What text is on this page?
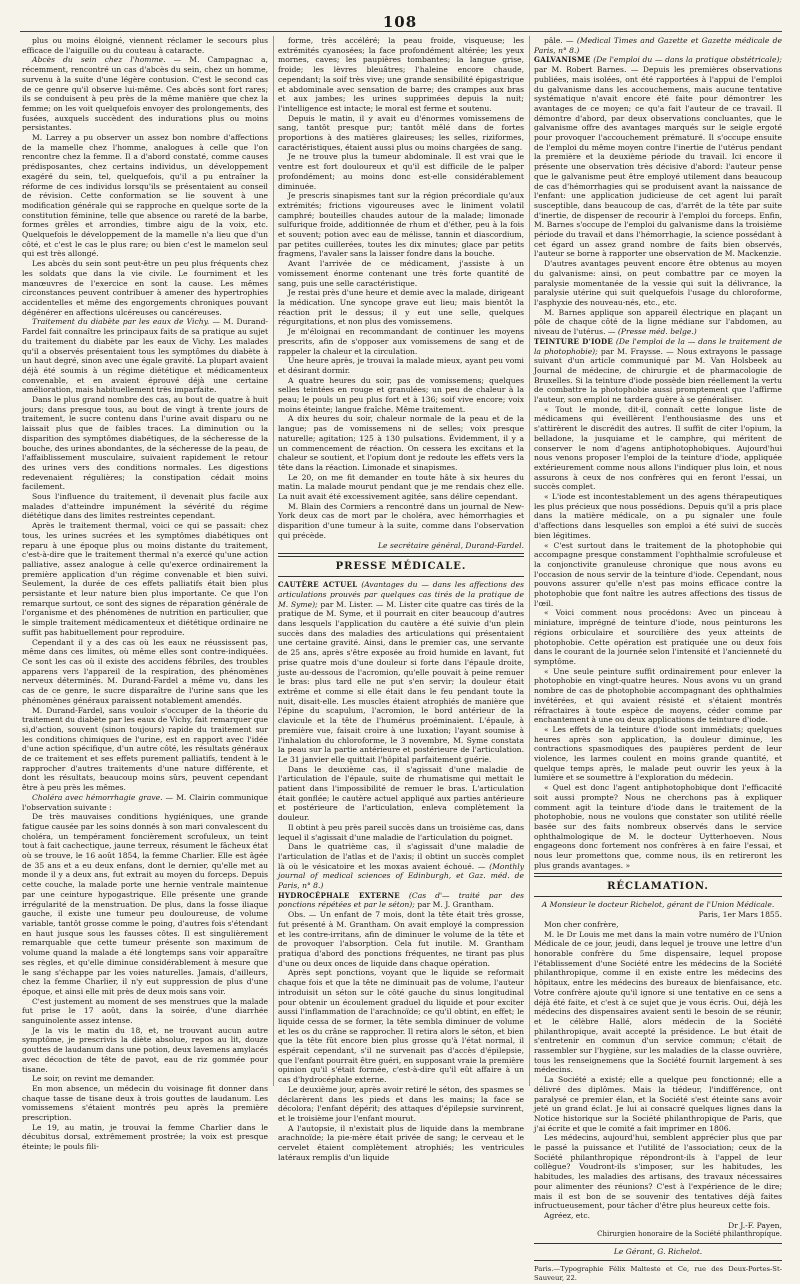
108

plus ou moins éloigné, viennent réclamer le secours plus efficace de l'aiguille ou du couteau à cataracte.

Abcès du sein chez l'homme. — M. Campagnac a, récemment, rencontré un cas d'abcès du sein, chez un homme, survenu à la suite d'une légère contusion. C'est le second cas de ce genre qu'il observe lui-même. Ces abcès sont fort rares; ils se conduisent à peu près de la même manière que chez la femme; on les voit quelquefois envoyer des prolongements, des fusées, auxquels succèdent des indurations plus ou moins persistantes.

M. Larrey a pu observer un assez bon nombre d'affections de la mamelle chez l'homme, analogues à celle que l'on rencontre chez la femme. Il a d'abord constaté, comme causes prédisposantes, chez certains individus, un développement exagéré du sein, tel, quelquefois, qu'il a pu entraîner la réforme de ces individus lorsqu'ils se présentaient au conseil de révision. Cette conformation se lie souvent à une modification générale qui se rapproche en quelque sorte de la constitution féminine, telle que absence ou rareté de la barbe, formes grêles et arrondies, timbre aigu de la voix, etc. Quelquefois le développement de la mamelle n'a lieu que d'un côté, et c'est le cas le plus rare; ou bien c'est le mamelon seul qui est très allongé.

Les abcès du sein sont peut-être un peu plus fréquents chez les soldats que dans la vie civile. Le fourniment et les manœuvres de l'exercice en sont la cause. Les mêmes circonstances peuvent contribuer à amener des hypertrophies accidentelles et même des engorgements chroniques pouvant dégénérer en affections ulcéreuses ou cancéreuses.

Traitement du diabète par les eaux de Vichy. — M. Durand-Fardel fait connaître les principaux faits de sa pratique au sujet du traitement du diabète par les eaux de Vichy. Les malades qu'il a observés présentaient tous les symptômes du diabète à un haut degré, sinon avec une égale gravité. La plupart avaient déjà été soumis à un régime diététique et médicamenteux convenable, et en avaient éprouvé déjà une certaine amélioration, mais habituellement très imparfaite.

Dans le plus grand nombre des cas, au bout de quatre à huit jours; dans presque tous, au bout de vingt à trente jours de traitement, le sucre contenu dans l'urine avait disparu ou ne laissait plus que de faibles traces. La diminution ou la disparition des symptômes diabétiques, de la sécheresse de la bouche, des urines abondantes, de la sécheresse de la peau, de l'affaiblissement musculaire, suivaient rapidement le retour des urines vers des conditions normales. Les digestions redevenaient régulières; la constipation cédait moins facilement.

Sous l'influence du traitement, il devenait plus facile aux malades d'atteindre impunément la sévérité du régime diététique dans des limites restreintes cependant.

Après le traitement thermal, voici ce qui se passait: chez tous, les urines sucrées et les symptômes diabétiques ont reparu à une époque plus ou moins distante du traitement, c'est-à-dire que le traitement thermal n'a exercé qu'une action palliative, assez analogue à celle qu'exerce ordinairement la première application d'un régime convenable et bien suivi. Seulement, la durée de ces effets palliatifs était bien plus persistante et leur nature bien plus importante. Ce que l'on remarque surtout, ce sont des signes de réparation générale de l'organisme et des phénomènes de nutrition en particulier, que le simple traitement médicamenteux et diététique ordinaire ne suffit pas habituellement pour reproduire.

Cependant il y a des cas où les eaux ne réussissent pas, même dans ces limites, où même elles sont contre-indiquées. Ce sont les cas où il existe des accidens fébriles, des troubles apparens vers l'appareil de la respiration, des phénomènes nerveux déterminés. M. Durand-Fardel a même vu, dans les cas de ce genre, le sucre disparaître de l'urine sans que les phénomènes généraux paraissent notablement amendés.

M. Durand-Fardel, sans vouloir s'occuper de la théorie du traitement du diabète par les eaux de Vichy, fait remarquer que si,d'action, souvent (sinon toujours) rapide du traitement sur les conditions chimiques de l'urine, est en rapport avec l'idée d'une action spécifique, d'un autre côté, les résultats généraux de ce traitement et ses effets purement palliatifs, tendent à le rapprocher d'autres traitements d'une nature différente, et dont les résultats, beaucoup moins sûrs, peuvent cependant être à peu près les mêmes.

Choléra avec hémorrhagie grave. — M. Clairin communique l'observation suivante :

De très mauvaises conditions hygiéniques, une grande fatigue causée par les soins donnés à son mari convalescent du choléra, un tempérament foncièrement scrofuleux, un teint tout à fait cachectique, jaune terreux, résument le fâcheux état où se trouve, le 16 août 1854, la femme Charlier. Elle est âgée de 35 ans et a eu deux enfans, dont le dernier, qu'elle met au monde il y a deux ans, fut extrait au moyen du forceps. Depuis cette couche, la malade porte une hernie ventrale maintenue par une ceinture hypogastrique. Elle présente une grande irrégularité de la menstruation. De plus, dans la fosse iliaque gauche, il existe une tumeur peu douloureuse, de volume variable, tantôt grosse comme le poing, d'autres fois s'étendant en haut jusque sous les fausses côtes. Il est singulièrement remarquable que cette tumeur présente son maximum de volume quand la malade a été longtemps sans voir apparaître ses règles, et qu'elle diminue considérablement à mesure que le sang s'échappe par les voies naturelles. Jamais, d'ailleurs, chez la femme Charlier, il n'y eut suppression de plus d'une époque, et ainsi elle mit près de deux mois sans voir.

C'est justement au moment de ses menstrues que la malade fut prise le 17 août, dans la soirée, d'une diarrhée sanguinolente assez intense.

Je la vis le matin du 18, et, ne trouvant aucun autre symptôme, je prescrivis la diète absolue, repos au lit, douze gouttes de laudanum dans une potion, deux lavemens amylacés avec décoction de tête de pavot, eau de riz gommée pour tisane.

Le soir, on revint me demander.

En mon absence, un médecin du voisinage fit donner dans chaque tasse de tisane deux à trois gouttes de laudanum. Les vomissemens s'étaient montrés peu après la première prescription.

Le 19, au matin, je trouvai la femme Charlier dans le décubitus dorsal, extrêmement prostrée; la voix est presque éteinte; le pouls fili-

forme, très accéléré; la peau froide, visqueuse; les extrémités cyanosées; la face profondément altérée; les yeux mornes, caves; les paupières tombantes; la langue grise, froide; les lèvres bleuâtres; l'haleine encore chaude, cependant; la soif très vive; une grande sensibilité épigastrique et abdominale avec sensation de barre; des crampes aux bras et aux jambes; les urines supprimées depuis la nuit; l'intelligence est intacte; le moral est ferme et soutenu.

Depuis le matin, il y avait eu d'énormes vomissemens de sang, tantôt presque pur; tantôt mêlé dans de fortes proportions à des matières glaireuses; les selles, riziformes, caractéristiques, étaient aussi plus ou moins chargées de sang.

Je ne trouve plus la tumeur abdominale. Il est vrai que le ventre est fort douloureux et qu'il est difficile de le palper profondément; au moins donc est-elle considérablement diminuée.

Je prescris sinapismes tant sur la région précordiale qu'aux extrémités; frictions vigoureuses avec le liniment volatil camphré; bouteilles chaudes autour de la malade; limonade sulfurique froide, additionnée de rhum et d'éther, peu à la fois et souvent; potion avec eau de mélisse, tannin et diascordium, par petites cuillerées, toutes les dix minutes; glace par petits fragmens, l'avaler sans la laisser fondre dans la bouche.

Avant l'arrivée de ce médicament, j'assiste à un vomissement énorme contenant une très forte quantité de sang, puis une selle caractéristique.

Je restai près d'une heure et demie avec la malade, dirigeant la médication. Une syncope grave eut lieu; mais bientôt la réaction prit le dessus; il y eut une selle, quelques régurgitations, et non plus des vomissemens.

Je m'éloignai en recommandant de continuer les moyens prescrits, afin de s'opposer aux vomissemens de sang et de rappeler la chaleur et la circulation.

Une heure après, je trouvai la malade mieux, ayant peu vomi et désirant dormir.

A quatre heures du soir, pas de vomissemens; quelques selles teintées en rouge et granulées; un peu de chaleur à la peau; le pouls un peu plus fort et à 136; soif vive encore; voix moins éteinte; langue fraîche. Même traitement.

A dix heures du soir, chaleur normale de la peau et de la langue; pas de vomissemens ni de selles; voix presque naturelle; agitation; 125 à 130 pulsations. Évidemment, il y a un commencement de réaction. On cessera les excitans et la chaleur se soutient, et l'opium dont je redoute les effets vers la tête dans la réaction. Limonade et sinapismes.

Le 20, on me fit demander en toute hâte à six heures du matin. La malade mourut pendant que je me rendais chez elle. La nuit avait été excessivement agitée, sans délire cependant.

M. Blain des Cormiers a rencontré dans un journal de New-York deux cas de mort par le choléra, avec hémorrhagies et disparition d'une tumeur à la suite, comme dans l'observation qui précède.

Le secrétaire général, Durand-Fardel.

PRESSE MÉDICALE.

CAUTÈRE ACTUEL (Avantages du — dans les affections des articulations prouvés par quelques cas tirés de la pratique de M. Syme); par M. Lister. — M. Lister cite quatre cas tirés de la pratique de M. Syme, et il pourrait en citer beaucoup d'autres dans lesquels l'application du cautère a été suivie d'un plein succès dans des maladies des articulations qui présentaient une certaine gravité. Ainsi, dans le premier cas, une servante de 25 ans, après s'être exposée au froid humide en lavant, fut prise quatre mois d'une douleur si forte dans l'épaule droite, juste au-dessous de l'acromion, qu'elle pouvait à peine remuer le bras: plus tard elle ne put s'en servir; la douleur était extrême et comme si elle était dans le feu pendant toute la nuit, disait-elle. Les muscles étaient atrophiés de manière que l'épine du scapulum, l'acromion, le bord antérieur de la clavicule et la tête de l'humérus proéminaient. L'épaule, à première vue, faisait croire à une luxation; l'ayant soumise à l'inhalation du chloroforme, le 3 novembre, M. Syme constata la peau sur la partie antérieure et postérieure de l'articulation. Le 31 janvier elle quittait l'hôpital parfaitement guérie.

Dans le deuxième cas, il s'agissait d'une maladie de l'articulation de l'épaule, suite de rhumatisme qui mettait le patient dans l'impossibilité de remuer le bras. L'articulation était gonflée; le cautère actuel appliqué aux parties antérieure et postérieure de l'articulation, enleva complètement la douleur.

Il obtint à peu près pareil succès dans un troisième cas, dans lequel il s'agissait d'une maladie de l'articulation du poignet.

Dans le quatrième cas, il s'agissait d'une maladie de l'articulation de l'atlas et de l'axis; il obtint un succès complet là où le vésicatoire et les moxas avaient échoué. — (Monthly journal of medical sciences of Edinburgh, et Gaz. méd. de Paris, n° 8.)

HYDROCÉPHALE EXTERNE (Cas d'— traité par des ponctions répétées et par le séton); par M. J. Grantham.

Obs. — Un enfant de 7 mois, dont la tête était très grosse, fut présenté à M. Grantham. On avait employé la compression et les contre-irritans, afin de diminuer le volume de la tête et de provoquer l'absorption. Cela fut inutile. M. Grantham pratiqua d'abord des ponctions fréquentes, ne tirant pas plus d'une ou deux onces de liquide dans chaque opération.

Après sept ponctions, voyant que le liquide se reformait chaque fois et que la tête ne diminuait pas de volume, l'auteur introduisit un séton sur le côté gauche du sinus longitudinal pour obtenir un écoulement graduel du liquide et pour exciter aussi l'inflammation de l'arachnoïde; ce qu'il obtint, en effet; le liquide cessa de se former, la tête sembla diminuer de volume et les os du crâne se rapprocher. Il retira alors le séton, et bien que la tête fût encore bien plus grosse qu'à l'état normal, il espérait cependant, s'il ne survenait pas d'accès d'épilepsie, que l'enfant pourrait être guéri, en supposant vraie la première opinion qu'il s'était formée, c'est-à-dire qu'il eût affaire à un cas d'hydrocéphale externe.

Le deuxième jour, après avoir retiré le séton, des spasmes se déclarèrent dans les pieds et dans les mains; la face se décolora; l'enfant dépérit; des attaques d'épilepsie survinrent, et le troisième jour l'enfant mourut.

A l'autopsie, il n'existait plus de liquide dans la membrane arachnoïde; la pie-mère était privée de sang; le cerveau et le cervelet étaient complètement atrophiés; les ventricules latéraux remplis d'un liquide

pâle. — (Medical Times and Gazette et Gazette médicale de Paris, n° 8.)

GALVANISME (De l'emploi du — dans la pratique obstétricale); par M. Robert Barnes. — Depuis les premières observations publiées, mais isolées, ont été rapportées à l'appui de l'emploi du galvanisme dans les accouchemens, mais aucune tentative systématique n'avait encore été faite pour démontrer les avantages de ce moyen; ce qu'a fait l'auteur de ce travail. Il démontre d'abord, par deux observations concluantes, que le galvanisme offre des avantages marqués sur le seigle ergoté pour provoquer l'accouchement prématuré. Il s'occupe ensuite de l'emploi du même moyen contre l'inertie de l'utérus pendant la première et la deuxième période du travail. Ici encore il présente une observation très décisive d'abord: l'auteur pense que le galvanisme peut être employé utilement dans beaucoup de cas d'hémorrhagies qui se produisent avant la naissance de l'enfant: une application judicieuse de cet agent lui paraît susceptible, dans beaucoup de cas, d'arrêt de la tête par suite d'inertie, de dispenser de recourir à l'emploi du forceps. Enfin, M. Barnes s'occupe de l'emploi du galvanisme dans la troisième période du travail et dans l'hémorrhagie, la science possédant à cet égard un assez grand nombre de faits bien observés, l'auteur se borne à rapporter une observation de M. Mackenzie.

D'autres avantages peuvent encore être obtenus au moyen du galvanisme: ainsi, on peut combattre par ce moyen la paralysie momentanée de la vessie qui suit la délivrance, la paralysie utérine qui suit quelquefois l'usage du chloroforme, l'asphyxie des nouveau-nés, etc., etc.

M. Barnes applique son appareil électrique en plaçant un pôle de chaque côté de la ligne médiane sur l'abdomen, au niveau de l'utérus. — (Presse méd. belge.)

TEINTURE D'IODE (De l'emploi de la — dans le traitement de la photophobie); par M. Fraysse. — Nous extrayons le passage suivant d'un article communiqué par M. Van Holsbeek au Journal de médecine, de chirurgie et de pharmacologie de Bruxelles. Si la teinture d'iode possède bien réellement la vertu de combattre la photophobie aussi promptement que l'affirme l'auteur, son emploi ne tardera guère à se généraliser.

« Tout le monde, dit-il, connaît cette longue liste de médicamens qui éveillèrent l'enthousiasme des uns et s'attirèrent le discrédit des autres. Il suffit de citer l'opium, la belladone, la jusquiame et le camphre, qui méritent de conserver le nom d'agens antiphotophobiques. Aujourd'hui nous venons proposer l'emploi de la teinture d'iode, appliquée extérieurement comme nous allons l'indiquer plus loin, et nous assurons à ceux de nos confrères qui en feront l'essai, un succès complet.

« L'iode est incontestablement un des agens thérapeutiques les plus précieux que nous possédions. Depuis qu'il a pris place dans la matière médicale, on a pu signaler une foule d'affections dans lesquelles son emploi a été suivi de succès bien légitimes.

« C'est surtout dans le traitement de la photophobie qui accompagne presque constamment l'ophthalmie scrofuleuse et la conjonctivite granuleuse chronique que nous avons eu l'occasion de nous servir de la teinture d'iode. Cependant, nous pouvons assurer qu'elle n'est pas moins efficace contre la photophobie que font naître les autres affections des tissus de l'œil.

« Voici comment nous procédons: Avec un pinceau à miniature, imprégné de teinture d'iode, nous peinturons les régions orbiculaire et sourcilière des yeux atteints de photophobie. Cette opération est pratiquée une ou deux fois dans le courant de la journée selon l'intensité et l'ancienneté du symptôme.

« Une seule peinture suffit ordinairement pour enlever la photophobie en vingt-quatre heures. Nous avons vu un grand nombre de cas de photophobie accompagnant des ophthalmies invétérées, et qui avaient résisté et s'étaient montrés réfractaires à toute espèce de moyens, céder comme par enchantement à une ou deux applications de teinture d'iode.

« Les effets de la teinture d'iode sont immédiats; quelques heures après son application, la douleur diminue, les contractions spasmodiques des paupières perdent de leur violence, les larmes coulent en moins grande quantité, et quelque temps après, le malade peut ouvrir les yeux à la lumière et se soumettre à l'exploration du médecin.

« Quel est donc l'agent antiphotophobique dont l'efficacité soit aussi prompte? Nous ne cherchons pas à expliquer comment agit la teinture d'iode dans le traitement de la photophobie, nous ne voulons que constater son utilité réelle basée sur des faits nombreux observés dans le service ophthalmologique de M. le docteur Uytterhoeven. Nous engageons donc fortement nos confrères à en faire l'essai, et nous leur promettons que, comme nous, ils en retireront les plus grands avantages. »

RÉCLAMATION.

A Monsieur le docteur Richelot, gérant de l'Union Médicale.

Paris, 1er Mars 1855.

Mon cher confrère,

M. le Dr Louis me met dans la main votre numéro de l'Union Médicale de ce jour, jeudi, dans lequel je trouve une lettre d'un honorable confrère du 5me dispensaire, lequel propose l'établissement d'une Société entre les médecins de la Société philanthropique, comme il en existe entre les médecins des hôpitaux, entre les médecins des bureaux de bienfaisance, etc. Votre confrère ajoute qu'il ignore si une tentative en ce sens a déjà été faite, et c'est à ce sujet que je vous écris. Oui, déjà les médecins des dispensaires avaient senti le besoin de se réunir, et le célèbre Hallé, alors médecin de la Société philanthropique, avait accepté la présidence. Le but était de s'entretenir en commun d'un service commun; c'était de rassembler sur l'hygiène, sur les maladies de la classe ouvrière, tous les renseignemens que la Société fournit largement à ses médecins.

La Société a existé; elle a quelque peu fonctionné; elle a délivré des diplômes. Mais la tiédeur, l'indifférence, ont paralysé ce premier élan, et la Société s'est éteinte sans avoir jeté un grand éclat. Je lui ai consacré quelques lignes dans la Notice historique sur la Société philanthropique de Paris, que j'ai écrite et que le comité a fait imprimer en 1806.

Les médecins, aujourd'hui, semblent apprécier plus que par le passé la puissance et l'utilité de l'association; ceux de la Société philanthropique répondront-ils à l'appel de leur collègue? Voudront-ils s'imposer, sur les habitudes, les habitudes, les maladies des artisans, des travaux nécessaires pour alimenter des réunions? C'est à l'expérience de le dire; mais il est bon de se souvenir des tentatives déjà faites infructueusement, pour tâcher d'être plus heureux cette fois.

Agréez, etc.

Dr J.-F. Payen,

Chirurgien honoraire de la Société philanthropique.

Le Gérant, G. Richelot.

Paris.—Typographie Félix Malteste et Ce, rue des Deux-Portes-St-Sauveur, 22.
